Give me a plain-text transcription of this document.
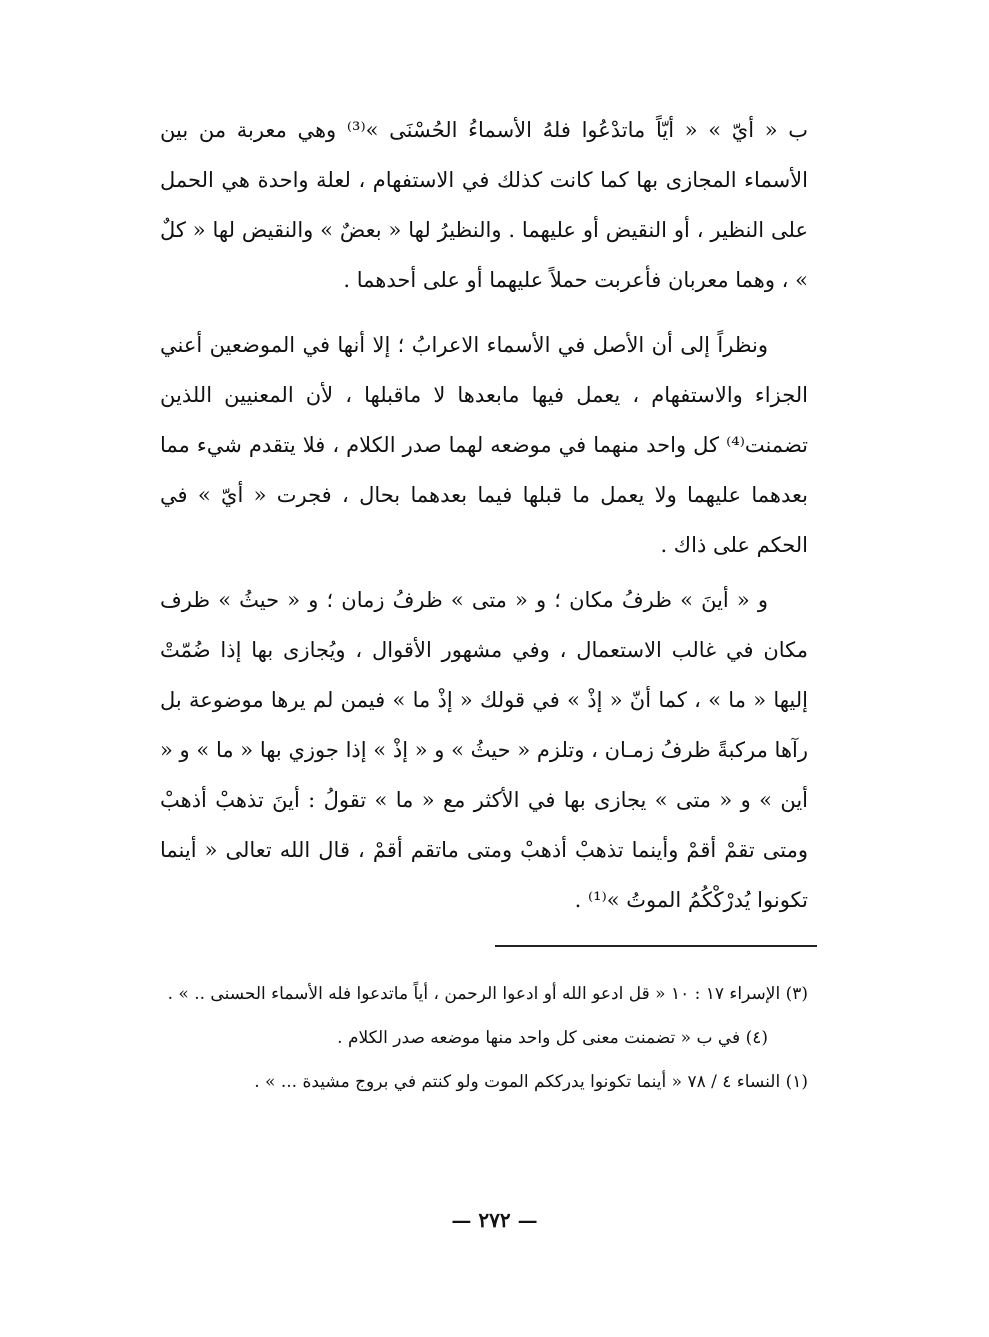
ب « أيّ » « أيّاً ماتدْعُوا فلهُ الأسماءُ الحُسْنَى »⁽³⁾ وهي معربة من بين الأسماء المجازى بها كما كانت كذلك في الاستفهام ، لعلة واحدة هي الحمل على النظير ، أو النقيض أو عليهما . والنظيرُ لها « بعضٌ » والنقيض لها « كلٌ » ، وهما معربان فأعربت حملاً عليهما أو على أحدهما .

ونظراً إلى أن الأصل في الأسماء الاعرابُ ؛ إلا أنها في الموضعين أعني الجزاء والاستفهام ، يعمل فيها مابعدها لا ماقبلها ، لأن المعنيين اللذين تضمنت⁽⁴⁾ كل واحد منهما في موضعه لهما صدر الكلام ، فلا يتقدم شيء مما بعدهما عليهما ولا يعمل ما قبلها فيما بعدهما بحال ، فجرت « أيّ » في الحكم على ذاك .

و « أينَ » ظرفُ مكان ؛ و « متى » ظرفُ زمان ؛ و « حيثُ » ظرف مكان في غالب الاستعمال ، وفي مشهور الأقوال ، ويُجازى بها إذا ضُمّتْ إليها « ما » ، كما أنّ « إذْ » في قولك « إذْ ما » فيمن لم يرها موضوعة بل رآها مركبةً ظرفُ زمـان ، وتلزم « حيثُ » و « إذْ » إذا جوزي بها « ما » و « أين » و « متى » يجازى بها في الأكثر مع « ما » تقولُ : أينَ تذهبْ أذهبْ ومتى تقمْ أقمْ وأينما تذهبْ أذهبْ ومتى ماتقم أقمْ ، قال الله تعالى « أينما تكونوا يُدرْكْكُمُ الموتُ »⁽¹⁾ .

(٣) الإسراء ١٧ : ١٠ « قل ادعو الله أو ادعوا الرحمن ، أياً ماتدعوا فله الأسماء الحسنى .. » .

(٤) في ب « تضمنت معنى كل واحد منها موضعه صدر الكلام .

(١) النساء ٤ / ٧٨ « أينما تكونوا يدرككم الموت ولو كنتم في بروج مشيدة ... » .

— ٢٧٢ —
